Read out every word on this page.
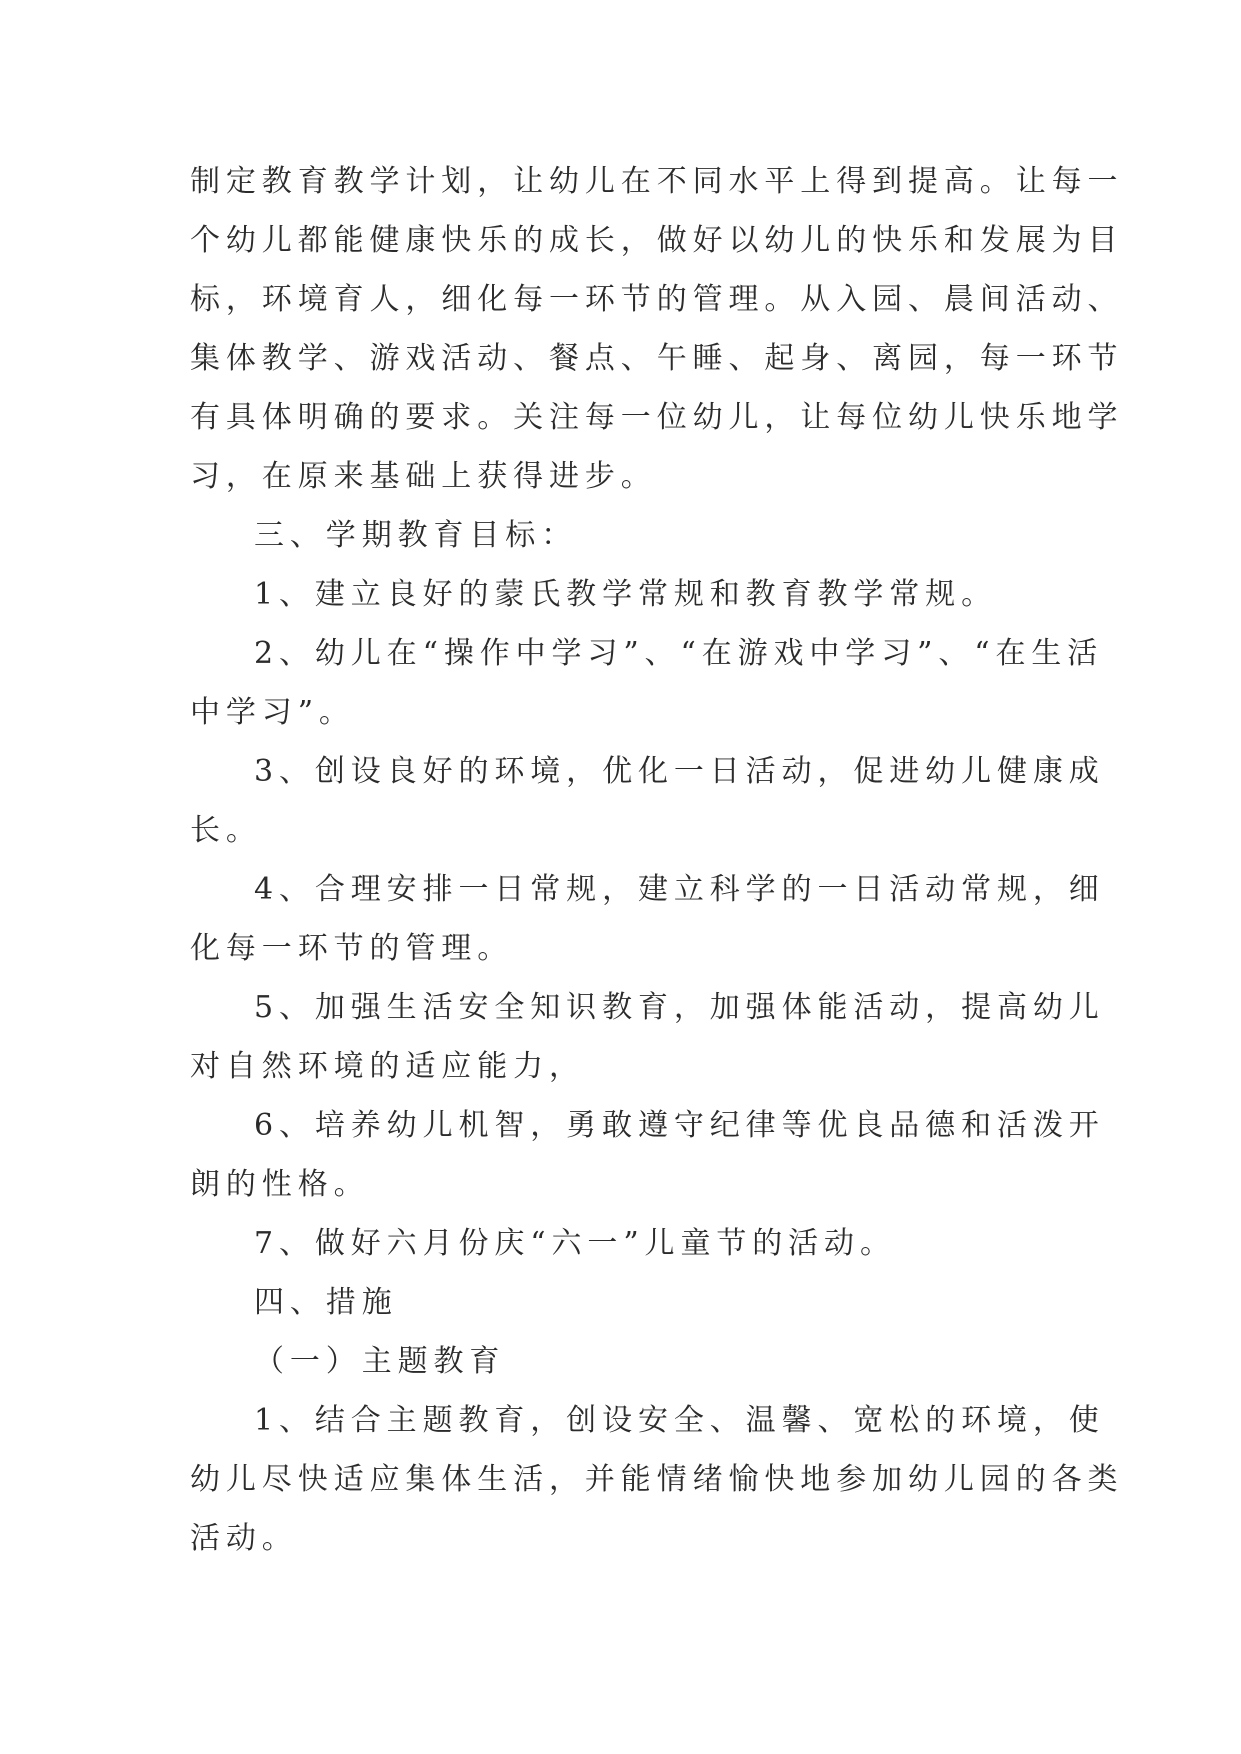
制定教育教学计划，让幼儿在不同水平上得到提高。让每一
个幼儿都能健康快乐的成长，做好以幼儿的快乐和发展为目
标，环境育人，细化每一环节的管理。从入园、晨间活动、
集体教学、游戏活动、餐点、午睡、起身、离园，每一环节
有具体明确的要求。关注每一位幼儿，让每位幼儿快乐地学
习，在原来基础上获得进步。
三、学期教育目标：
1、建立良好的蒙氏教学常规和教育教学常规。
2、幼儿在“操作中学习”、“在游戏中学习”、“在生活
中学习”。
3、创设良好的环境，优化一日活动，促进幼儿健康成
长。
4、合理安排一日常规，建立科学的一日活动常规，细
化每一环节的管理。
5、加强生活安全知识教育，加强体能活动，提高幼儿
对自然环境的适应能力，
6、培养幼儿机智，勇敢遵守纪律等优良品德和活泼开
朗的性格。
7、做好六月份庆“六一”儿童节的活动。
四、措施
（一）主题教育
1、结合主题教育，创设安全、温馨、宽松的环境，使
幼儿尽快适应集体生活，并能情绪愉快地参加幼儿园的各类
活动。
